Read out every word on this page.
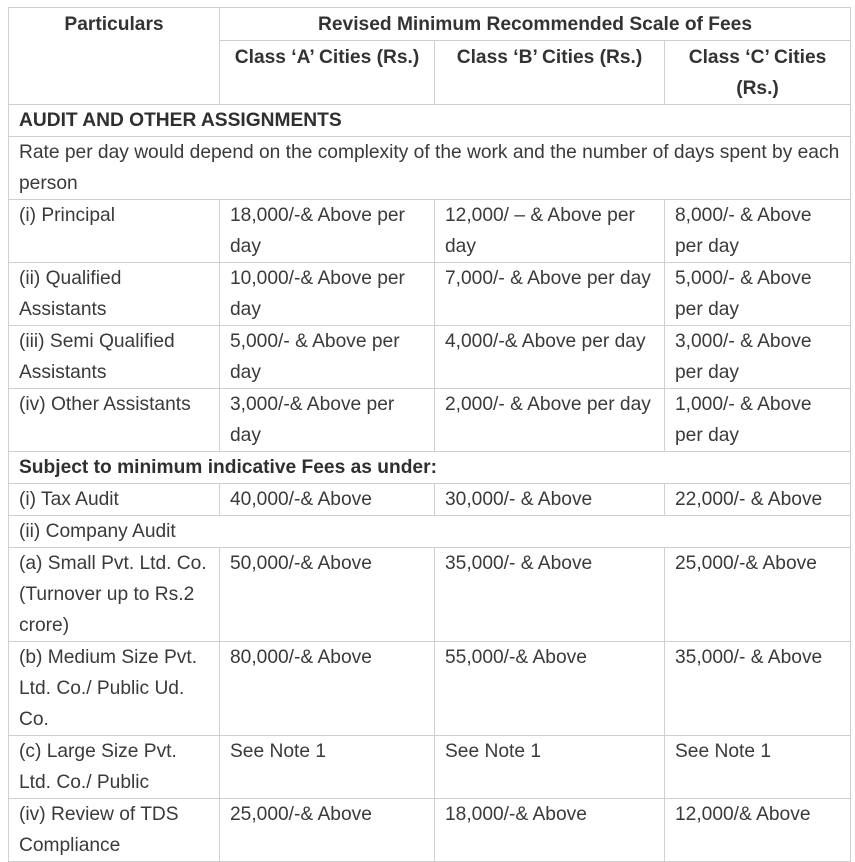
Particulars	Revised Minimum Recommended Scale of Fees		
	Class ‘A’ Cities (Rs.)	Class ‘B’ Cities (Rs.)	Class ‘C’ Cities (Rs.)
AUDIT AND OTHER ASSIGNMENTS			
Rate per day would depend on the complexity of the work and the number of days spent by each person			
(i) Principal	18,000/-& Above per day	12,000/ – & Above per day	8,000/- & Above per day
(ii) Qualified Assistants	10,000/-& Above per day	7,000/- & Above per day	5,000/- & Above per day
(iii) Semi Qualified Assistants	5,000/- & Above per day	4,000/-& Above per day	3,000/- & Above per day
(iv) Other Assistants	3,000/-& Above per day	2,000/- & Above per day	1,000/- & Above per day
Subject to minimum indicative Fees as under:			
(i) Tax Audit	40,000/-& Above	30,000/- & Above	22,000/- & Above
(ii) Company Audit			
(a) Small Pvt. Ltd. Co. (Turnover up to Rs.2 crore)	50,000/-& Above	35,000/- & Above	25,000/-& Above
(b) Medium Size Pvt. Ltd. Co./ Public Ud. Co.	80,000/-& Above	55,000/-& Above	35,000/- & Above
(c) Large Size Pvt. Ltd. Co./ Public	See Note 1	See Note 1	See Note 1
(iv) Review of TDS Compliance	25,000/-& Above	18,000/-& Above	12,000/& Above
